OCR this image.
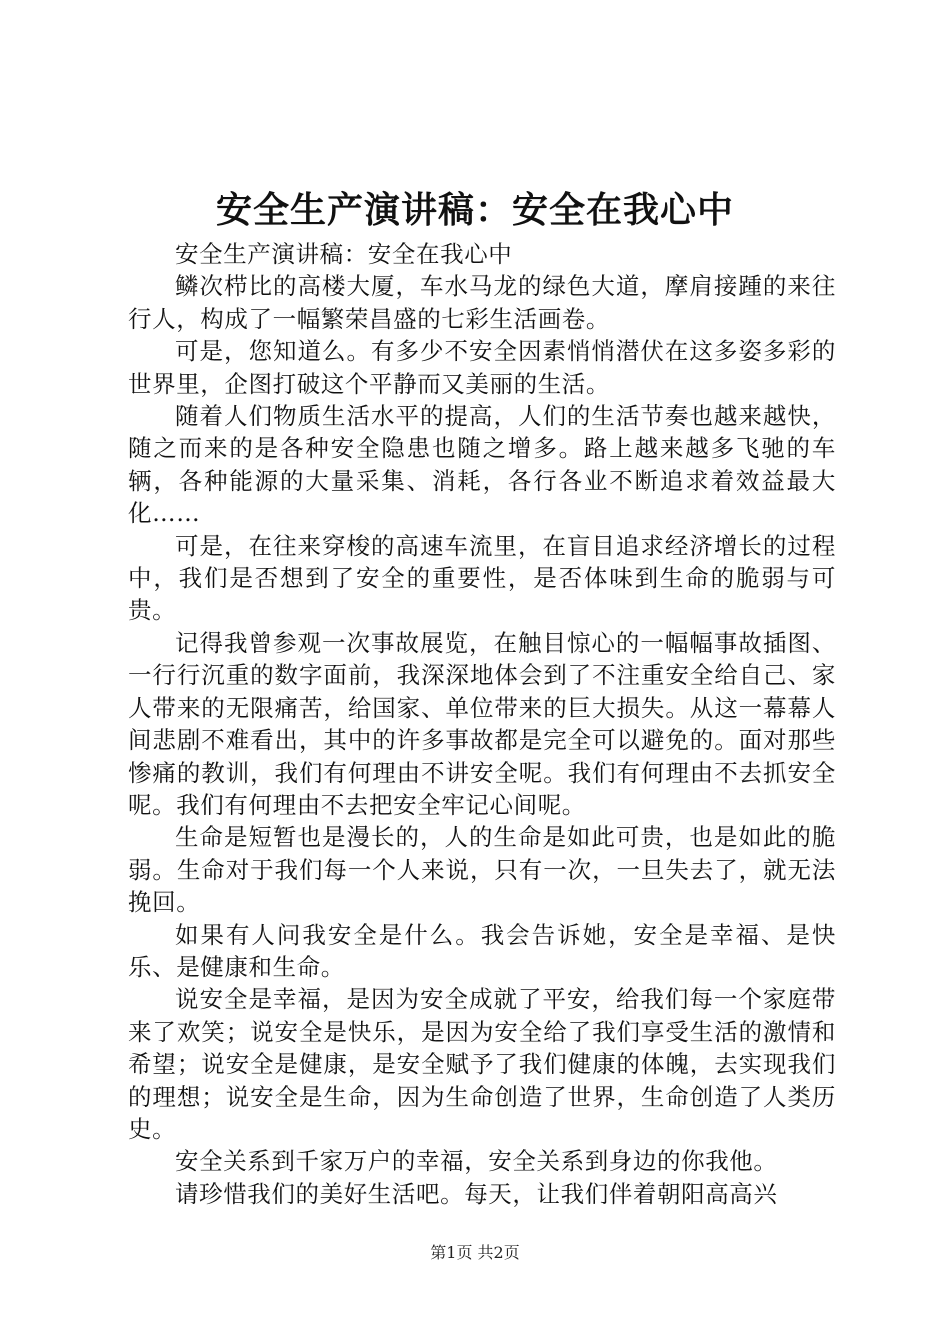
安全生产演讲稿：安全在我心中

安全生产演讲稿：安全在我心中

鳞次栉比的高楼大厦，车水马龙的绿色大道，摩肩接踵的来往行人，构成了一幅繁荣昌盛的七彩生活画卷。

可是，您知道么。有多少不安全因素悄悄潜伏在这多姿多彩的世界里，企图打破这个平静而又美丽的生活。

随着人们物质生活水平的提高，人们的生活节奏也越来越快，随之而来的是各种安全隐患也随之增多。路上越来越多飞驰的车辆，各种能源的大量采集、消耗，各行各业不断追求着效益最大化……

可是，在往来穿梭的高速车流里，在盲目追求经济增长的过程中，我们是否想到了安全的重要性，是否体味到生命的脆弱与可贵。

记得我曾参观一次事故展览，在触目惊心的一幅幅事故插图、一行行沉重的数字面前，我深深地体会到了不注重安全给自己、家人带来的无限痛苦，给国家、单位带来的巨大损失。从这一幕幕人间悲剧不难看出，其中的许多事故都是完全可以避免的。面对那些惨痛的教训，我们有何理由不讲安全呢。我们有何理由不去抓安全呢。我们有何理由不去把安全牢记心间呢。

生命是短暂也是漫长的，人的生命是如此可贵，也是如此的脆弱。生命对于我们每一个人来说，只有一次，一旦失去了，就无法挽回。

如果有人问我安全是什么。我会告诉她，安全是幸福、是快乐、是健康和生命。

说安全是幸福，是因为安全成就了平安，给我们每一个家庭带来了欢笑；说安全是快乐，是因为安全给了我们享受生活的激情和希望；说安全是健康，是安全赋予了我们健康的体魄，去实现我们的理想；说安全是生命，因为生命创造了世界，生命创造了人类历史。

安全关系到千家万户的幸福，安全关系到身边的你我他。

请珍惜我们的美好生活吧。每天，让我们伴着朝阳高高兴

第1页 共2页
